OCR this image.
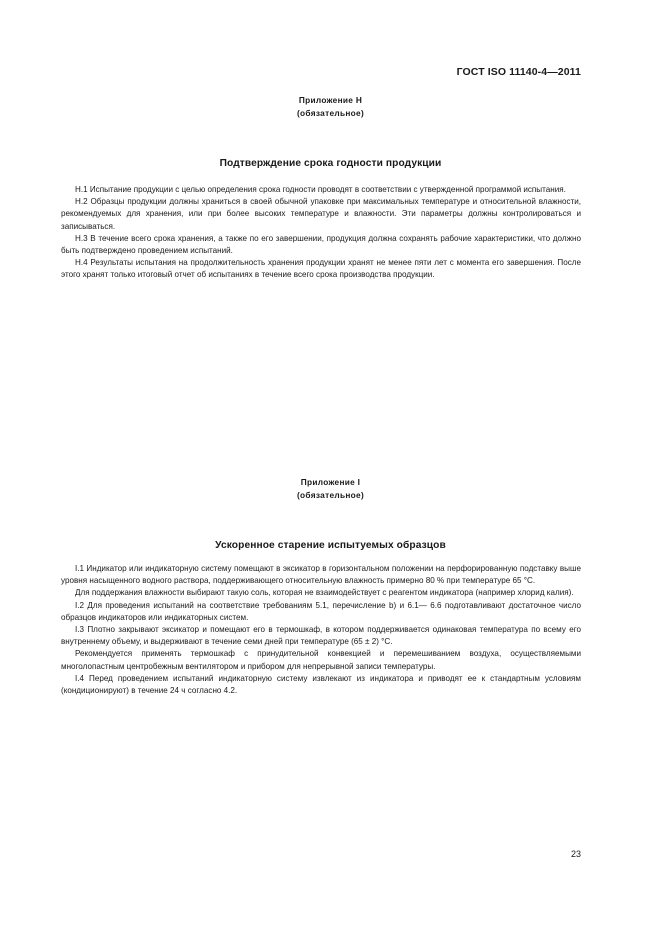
ГОСТ ISO 11140-4—2011
Приложение Н
(обязательное)
Подтверждение срока годности продукции

Н.1 Испытание продукции с целью определения срока годности проводят в соответствии с утвержденной программой испытания.

Н.2 Образцы продукции должны храниться в своей обычной упаковке при максимальных температуре и относительной влажности, рекомендуемых для хранения, или при более высоких температуре и влажности. Эти параметры должны контролироваться и записываться.

Н.3 В течение всего срока хранения, а также по его завершении, продукция должна сохранять рабочие характеристики, что должно быть подтверждено проведением испытаний.

Н.4 Результаты испытания на продолжительность хранения продукции хранят не менее пяти лет с момента его завершения. После этого хранят только итоговый отчет об испытаниях в течение всего срока производства продукции.

Приложение I
(обязательное)
Ускоренное старение испытуемых образцов

I.1 Индикатор или индикаторную систему помещают в эксикатор в горизонтальном положении на перфорированную подставку выше уровня насыщенного водного раствора, поддерживающего относительную влажность примерно 80 % при температуре 65 °С.

Для поддержания влажности выбирают такую соль, которая не взаимодействует с реагентом индикатора (например хлорид калия).

I.2 Для проведения испытаний на соответствие требованиям 5.1, перечисление b) и 6.1— 6.6 подготавливают достаточное число образцов индикаторов или индикаторных систем.

I.3 Плотно закрывают эксикатор и помещают его в термошкаф, в котором поддерживается одинаковая температура по всему его внутреннему объему, и выдерживают в течение семи дней при температуре (65 ± 2) °С.

Рекомендуется применять термошкаф с принудительной конвекцией и перемешиванием воздуха, осуществляемыми многолопастным центробежным вентилятором и прибором для непрерывной записи температуры.

I.4 Перед проведением испытаний индикаторную систему извлекают из индикатора и приводят ее к стандартным условиям (кондиционируют) в течение 24 ч согласно 4.2.

23
